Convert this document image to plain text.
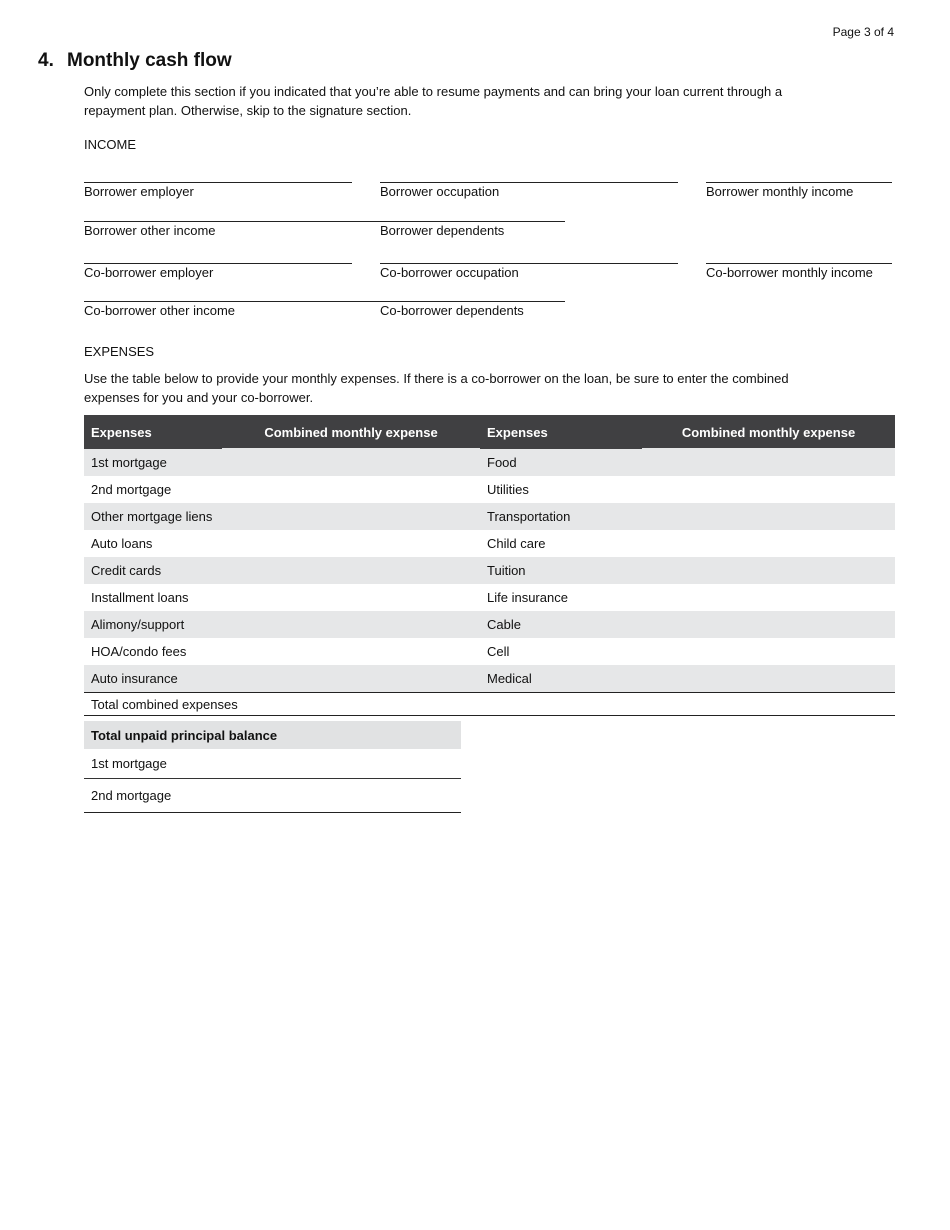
Page 3 of 4
4. Monthly cash flow
Only complete this section if you indicated that you’re able to resume payments and can bring your loan current through a repayment plan. Otherwise, skip to the signature section.
INCOME
Borrower employer	Borrower occupation	Borrower monthly income
Borrower other income	Borrower dependents
Co-borrower employer	Co-borrower occupation	Co-borrower monthly income
Co-borrower other income	Co-borrower dependents
EXPENSES
Use the table below to provide your monthly expenses. If there is a co-borrower on the loan, be sure to enter the combined expenses for you and your co-borrower.
Expenses	Combined monthly expense	Expenses	Combined monthly expense
1st mortgage		Food	
2nd mortgage		Utilities	
Other mortgage liens		Transportation	
Auto loans		Child care	
Credit cards		Tuition	
Installment loans		Life insurance	
Alimony/support		Cable	
HOA/condo fees		Cell	
Auto insurance		Medical	
Total combined expenses			
Total unpaid principal balance
1st mortgage
2nd mortgage
